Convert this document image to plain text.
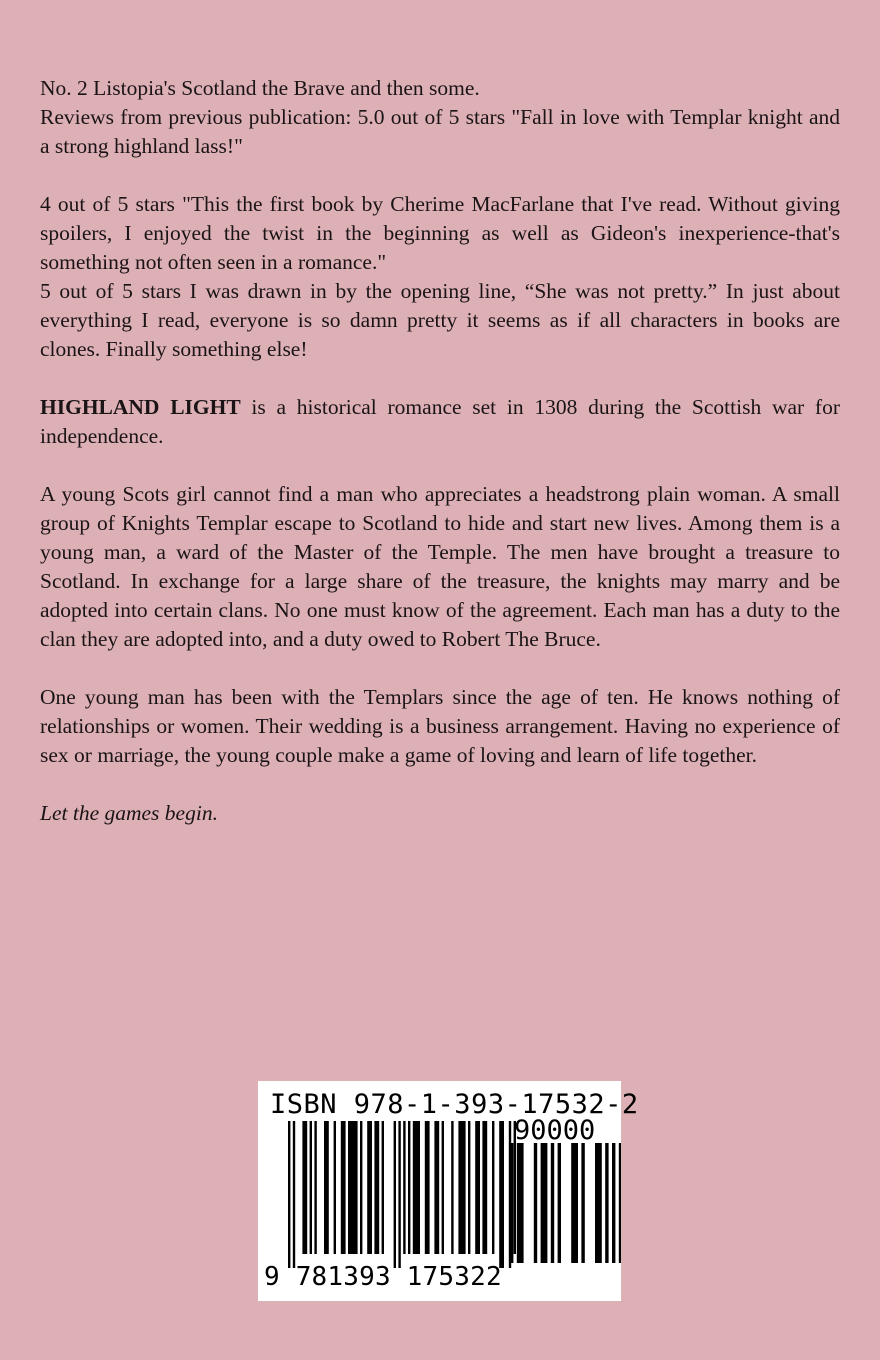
No. 2 Listopia's Scotland the Brave and then some.

Reviews from previous publication: 5.0 out of 5 stars "Fall in love with Templar knight and a strong highland lass!"

4 out of 5 stars "This the first book by Cherime MacFarlane that I've read. Without giving spoilers, I enjoyed the twist in the beginning as well as Gideon's inexperience-that's something not often seen in a romance."

5 out of 5 stars I was drawn in by the opening line, “She was not pretty.” In just about everything I read, everyone is so damn pretty it seems as if all characters in books are clones. Finally something else!

HIGHLAND LIGHT is a historical romance set in 1308 during the Scottish war for independence.

A young Scots girl cannot find a man who appreciates a headstrong plain woman. A small group of Knights Templar escape to Scotland to hide and start new lives. Among them is a young man, a ward of the Master of the Temple. The men have brought a treasure to Scotland. In exchange for a large share of the treasure, the knights may marry and be adopted into certain clans. No one must know of the agreement. Each man has a duty to the clan they are adopted into, and a duty owed to Robert The Bruce.

One young man has been with the Templars since the age of ten. He knows nothing of relationships or women. Their wedding is a business arrangement. Having no experience of sex or marriage, the young couple make a game of loving and learn of life together.

Let the games begin.

ISBN 978-1-393-17532-2
90000
9 781393 175322
